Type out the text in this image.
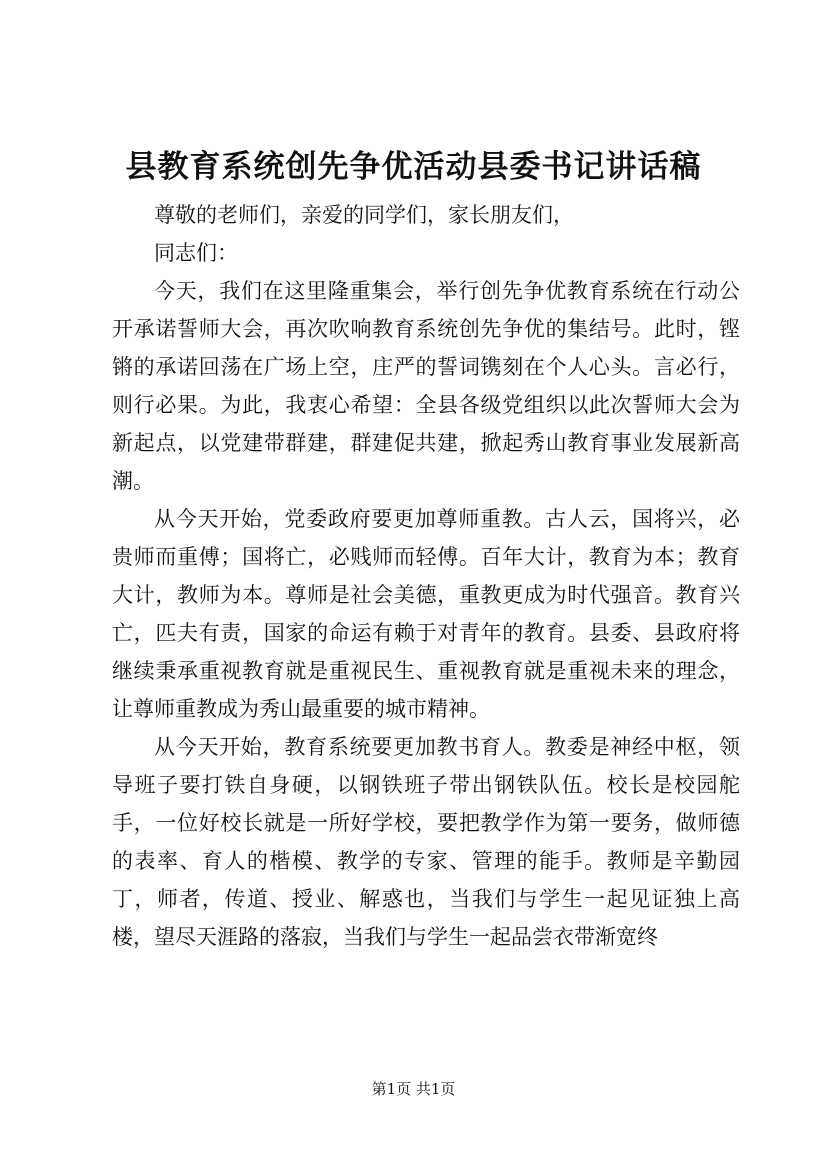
县教育系统创先争优活动县委书记讲话稿

尊敬的老师们，亲爱的同学们，家长朋友们，

同志们：

今天，我们在这里隆重集会，举行创先争优教育系统在行动公开承诺誓师大会，再次吹响教育系统创先争优的集结号。此时，铿锵的承诺回荡在广场上空，庄严的誓词镌刻在个人心头。言必行，则行必果。为此，我衷心希望：全县各级党组织以此次誓师大会为新起点，以党建带群建，群建促共建，掀起秀山教育事业发展新高潮。

从今天开始，党委政府要更加尊师重教。古人云，国将兴，必贵师而重傅；国将亡，必贱师而轻傅。百年大计，教育为本；教育大计，教师为本。尊师是社会美德，重教更成为时代强音。教育兴亡，匹夫有责，国家的命运有赖于对青年的教育。县委、县政府将继续秉承重视教育就是重视民生、重视教育就是重视未来的理念，让尊师重教成为秀山最重要的城市精神。

从今天开始，教育系统要更加教书育人。教委是神经中枢，领导班子要打铁自身硬，以钢铁班子带出钢铁队伍。校长是校园舵手，一位好校长就是一所好学校，要把教学作为第一要务，做师德的表率、育人的楷模、教学的专家、管理的能手。教师是辛勤园丁，师者，传道、授业、解惑也，当我们与学生一起见证独上高楼，望尽天涯路的落寂，当我们与学生一起品尝衣带渐宽终

第1页 共1页
